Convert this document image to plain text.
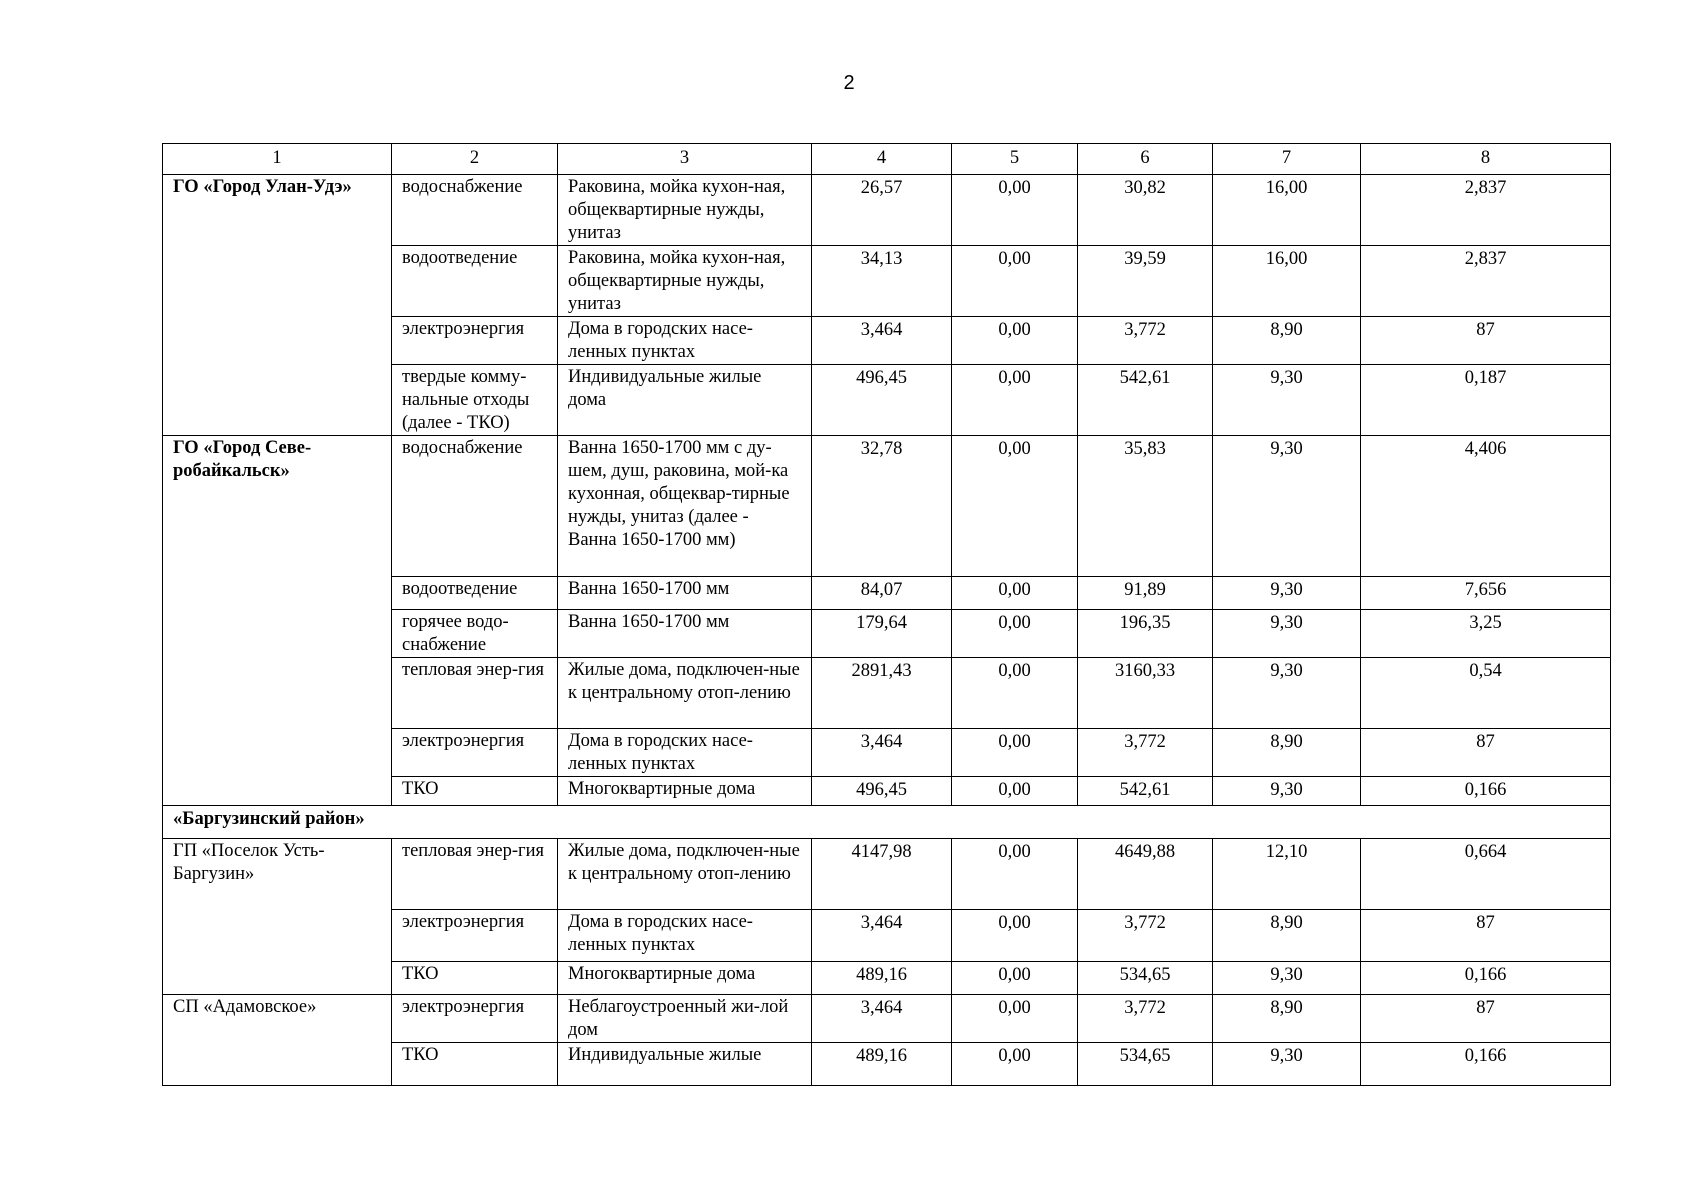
2
1	2	3	4	5	6	7	8
ГО «Город Улан-Удэ»	водоснабжение	Раковина, мойка кухон-ная, общеквартирные нужды, унитаз	26,57	0,00	30,82	16,00	2,837
	водоотведение	Раковина, мойка кухон-ная, общеквартирные нужды, унитаз	34,13	0,00	39,59	16,00	2,837
	электроэнергия	Дома в городских насе-ленных пунктах	3,464	0,00	3,772	8,90	87
	твердые комму-нальные отходы (далее - ТКО)	Индивидуальные жилые дома	496,45	0,00	542,61	9,30	0,187
ГО «Город Севе-робайкальск»	водоснабжение	Ванна 1650-1700 мм с ду-шем, душ, раковина, мой-ка кухонная, общеквар-тирные нужды, унитаз (далее - Ванна 1650-1700 мм)	32,78	0,00	35,83	9,30	4,406
	водоотведение	Ванна 1650-1700 мм	84,07	0,00	91,89	9,30	7,656
	горячее водо-снабжение	Ванна 1650-1700 мм	179,64	0,00	196,35	9,30	3,25
	тепловая энер-гия	Жилые дома, подключен-ные к центральному отоп-лению	2891,43	0,00	3160,33	9,30	0,54
	электроэнергия	Дома в городских насе-ленных пунктах	3,464	0,00	3,772	8,90	87
	ТКО	Многоквартирные дома	496,45	0,00	542,61	9,30	0,166
«Баргузинский район»							
ГП «Поселок Усть-Баргузин»	тепловая энер-гия	Жилые дома, подключен-ные к центральному отоп-лению	4147,98	0,00	4649,88	12,10	0,664
	электроэнергия	Дома в городских насе-ленных пунктах	3,464	0,00	3,772	8,90	87
	ТКО	Многоквартирные дома	489,16	0,00	534,65	9,30	0,166
СП «Адамовское»	электроэнергия	Неблагоустроенный жи-лой дом	3,464	0,00	3,772	8,90	87
	ТКО	Индивидуальные жилые	489,16	0,00	534,65	9,30	0,166
